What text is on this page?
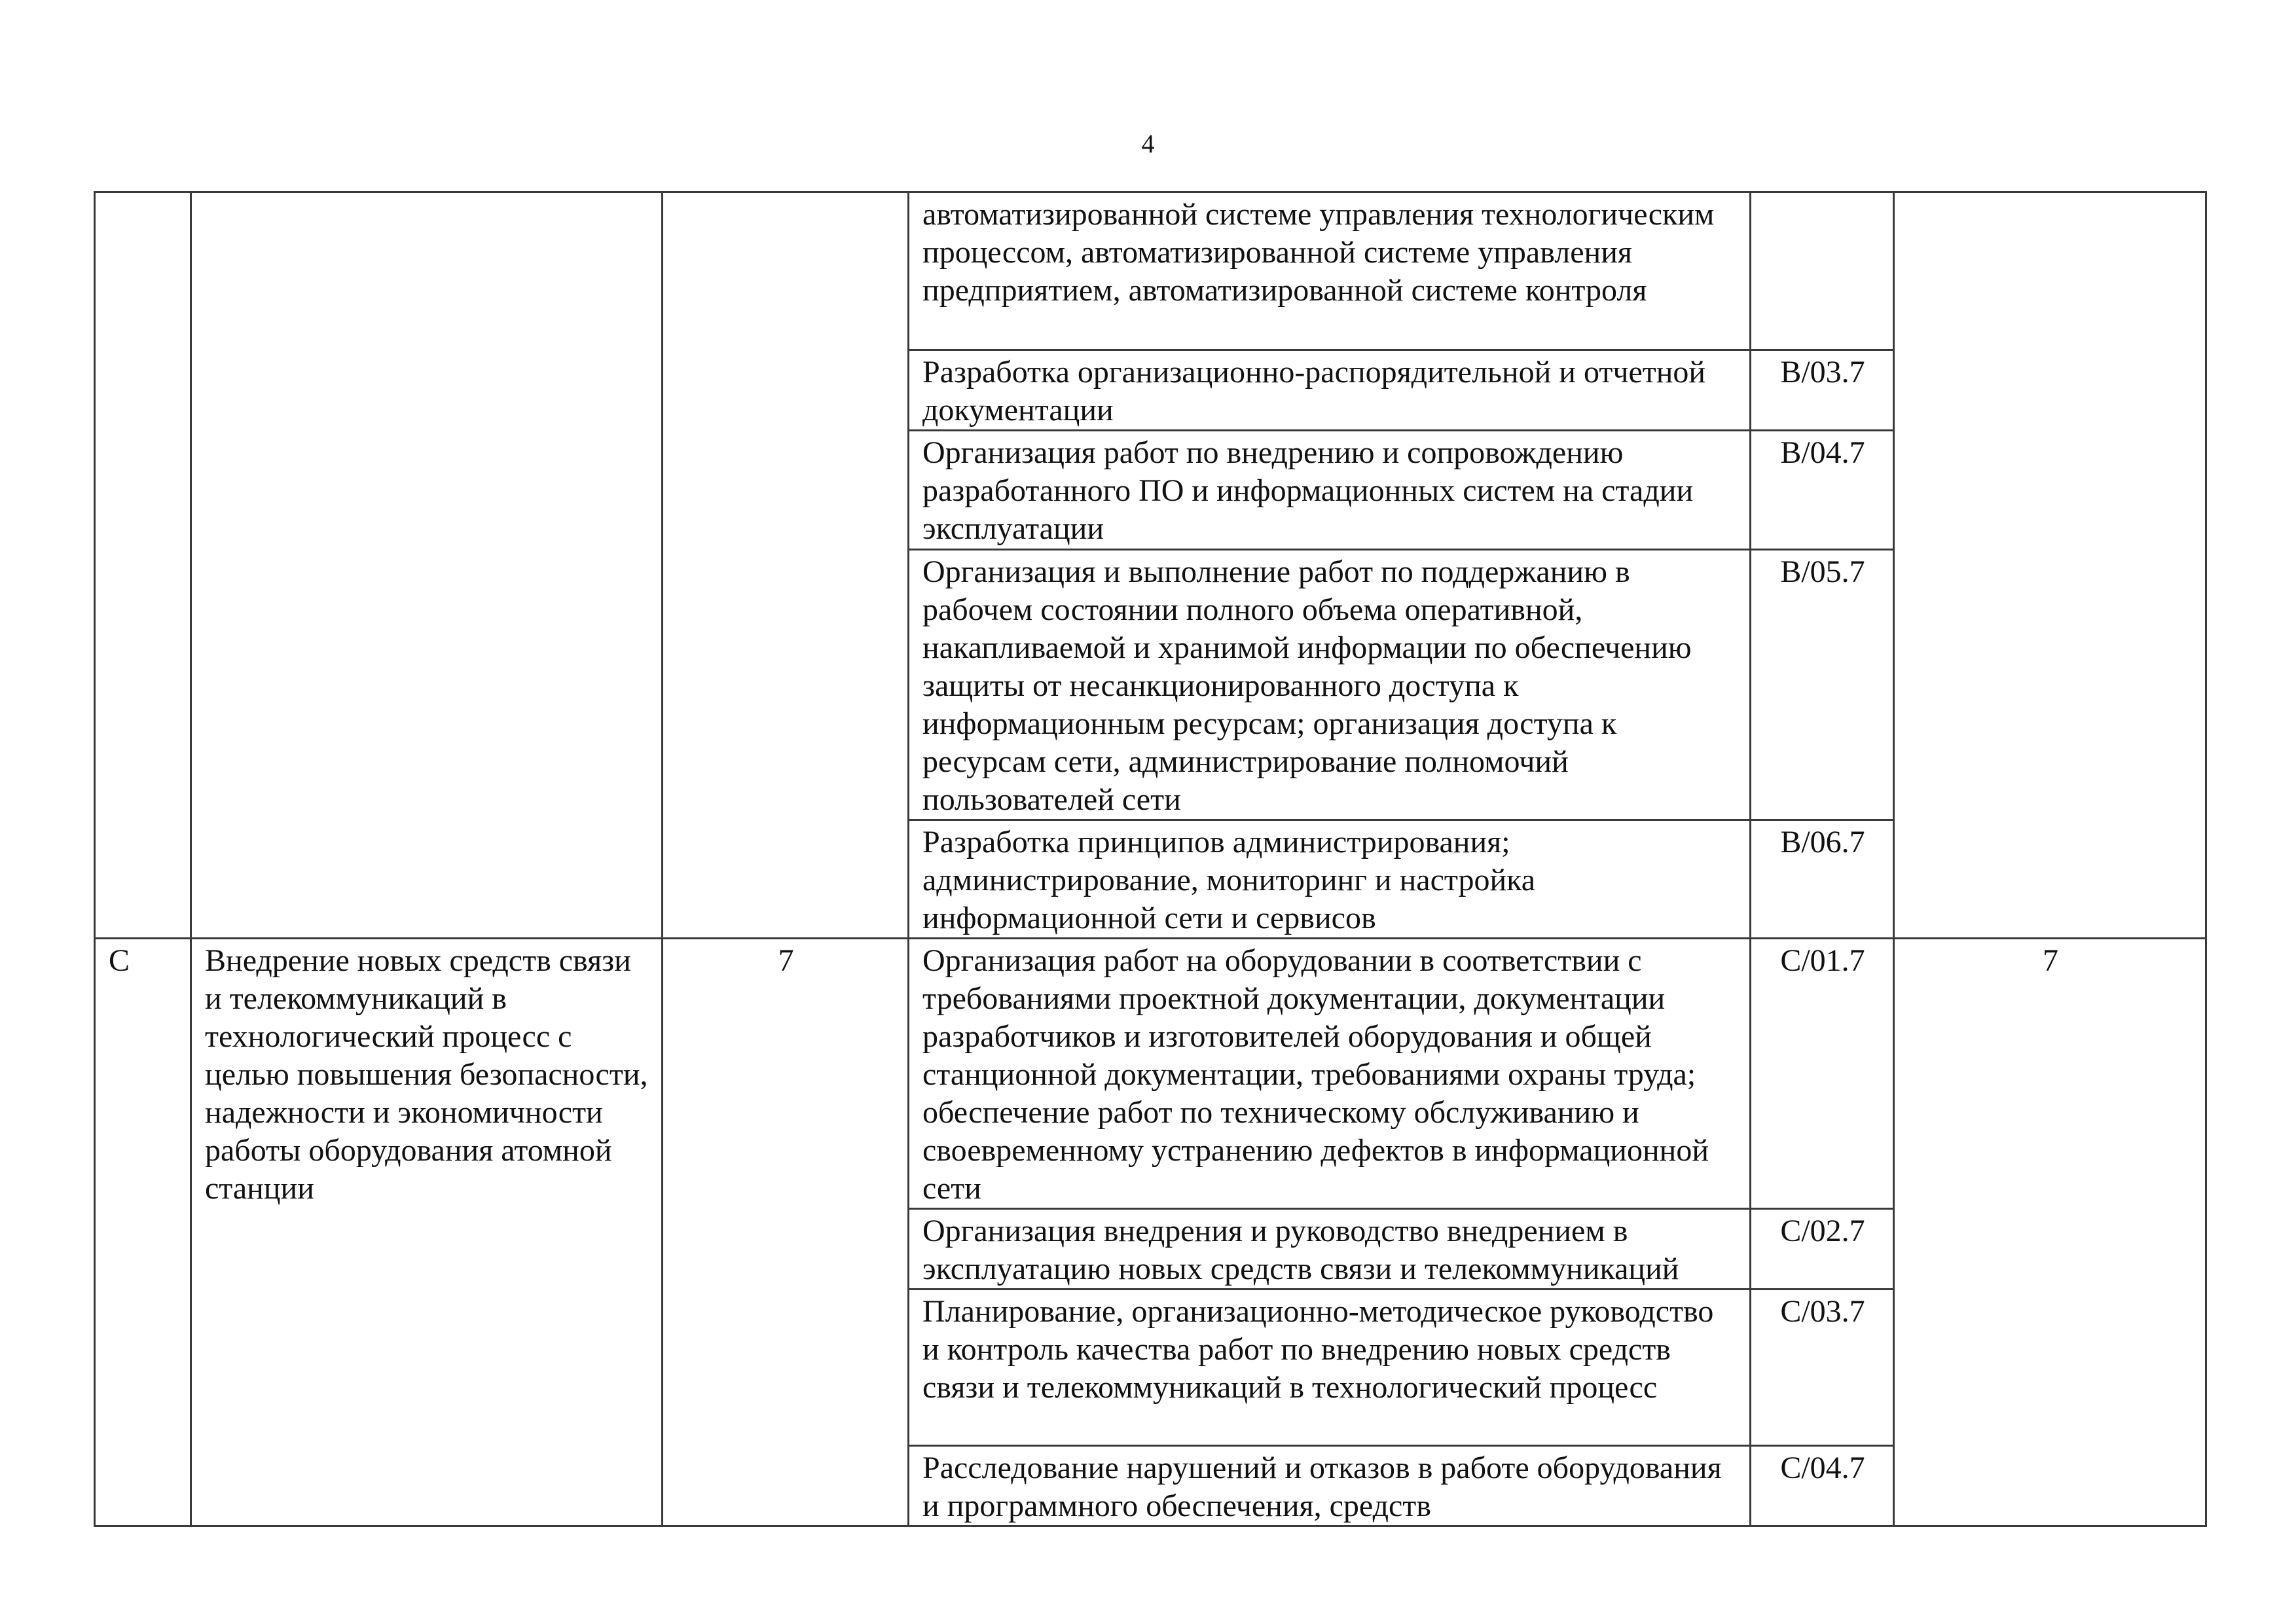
4
			автоматизированной системе управления технологическим процессом, автоматизированной системе управления предприятием, автоматизированной системе контроля		
			Разработка организационно-распорядительной и отчетной документации	В/03.7	
			Организация работ по внедрению и сопровождению разработанного ПО и информационных систем на стадии эксплуатации	В/04.7	
			Организация и выполнение работ по поддержанию в рабочем состоянии полного объема оперативной, накапливаемой и хранимой информации по обеспечению защиты от несанкционированного доступа к информационным ресурсам; организация доступа к ресурсам сети, администрирование полномочий пользователей сети	В/05.7	
			Разработка принципов администрирования; администрирование, мониторинг и настройка информационной сети и сервисов	В/06.7	
С	Внедрение новых средств связи и телекоммуникаций в технологический процесс с целью повышения безопасности, надежности и экономичности работы оборудования атомной станции	7	Организация работ на оборудовании в соответствии с требованиями проектной документации, документации разработчиков и изготовителей оборудования и общей станционной документации, требованиями охраны труда; обеспечение работ по техническому обслуживанию и своевременному устранению дефектов в информационной сети	С/01.7	7
			Организация внедрения и руководство внедрением в эксплуатацию новых средств связи и телекоммуникаций	С/02.7	
			Планирование, организационно-методическое руководство и контроль качества работ по внедрению новых средств связи и телекоммуникаций в технологический процесс	С/03.7	
			Расследование нарушений и отказов в работе оборудования и программного обеспечения, средств	С/04.7	
